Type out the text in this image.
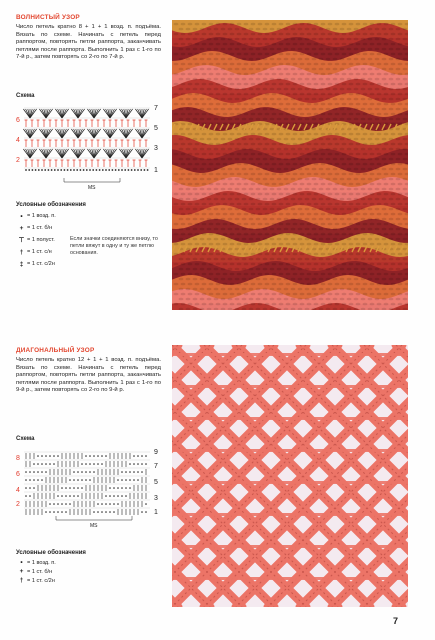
ВОЛНИСТЫЙ УЗОР

Число петель кратно 8 + 1 + 1 возд. п. подъёма. Вязать по схеме. Начинать с петель перед раппортом, повторять петли раппорта, заканчивать петлями после раппорта. Выполнить 1 раз с 1-го по 7-й р., затем повторять со 2-го по 7-й р.

Схема
6
4
2
7
5
3
1
MS
Условные обозначения
• = 1 возд. п.
+ = 1 ст. б/н
⊤ = 1 полуст.
† = 1 ст. с/н
‡ = 1 ст. с/2н
Если значки соединяются внизу, то петли вяжут в одну и ту же петлю основания.
ДИАГОНАЛЬНЫЙ УЗОР

Число петель кратно 12 + 1 + 1 возд. п. подъёма. Вязать по схеме. Начинать с петель перед раппортом, повторять петли раппорта, заканчивать петлями после раппорта. Выполнить 1 раз с 1-го по 9-й р., затем повторять со 2-го по 9-й р.

Схема
8
6
4
2
9
7
5
3
1
MS
Условные обозначения
• = 1 возд. п.
+ = 1 ст. б/н
† = 1 ст. с/2н
7
